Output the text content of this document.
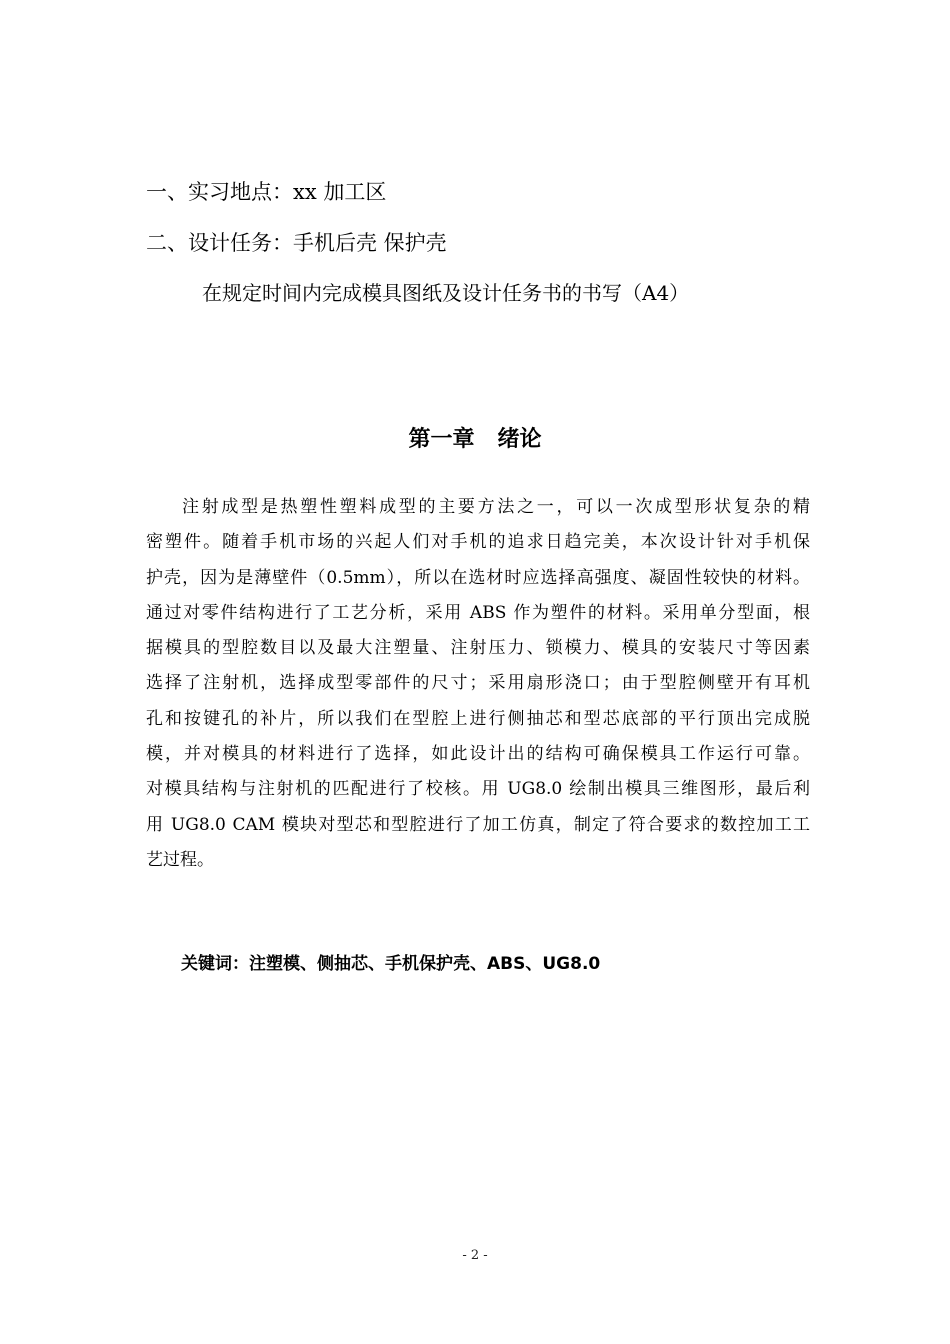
一、实习地点：xx 加工区
二、设计任务：手机后壳 保护壳
在规定时间内完成模具图纸及设计任务书的书写（A4）
第一章   绪论
注射成型是热塑性塑料成型的主要方法之一，可以一次成型形状复杂的精
密塑件。随着手机市场的兴起人们对手机的追求日趋完美，本次设计针对手机保
护壳，因为是薄壁件（0.5mm），所以在选材时应选择高强度、凝固性较快的材料。
通过对零件结构进行了工艺分析，采用 ABS 作为塑件的材料。采用单分型面，根
据模具的型腔数目以及最大注塑量、注射压力、锁模力、模具的安装尺寸等因素
选择了注射机，选择成型零部件的尺寸；采用扇形浇口；由于型腔侧壁开有耳机
孔和按键孔的补片，所以我们在型腔上进行侧抽芯和型芯底部的平行顶出完成脱
模，并对模具的材料进行了选择，如此设计出的结构可确保模具工作运行可靠。
对模具结构与注射机的匹配进行了校核。用 UG8.0 绘制出模具三维图形，最后利
用 UG8.0 CAM 模块对型芯和型腔进行了加工仿真，制定了符合要求的数控加工工
艺过程。
关键词：注塑模、侧抽芯、手机保护壳、ABS、UG8.0
- 2 -
